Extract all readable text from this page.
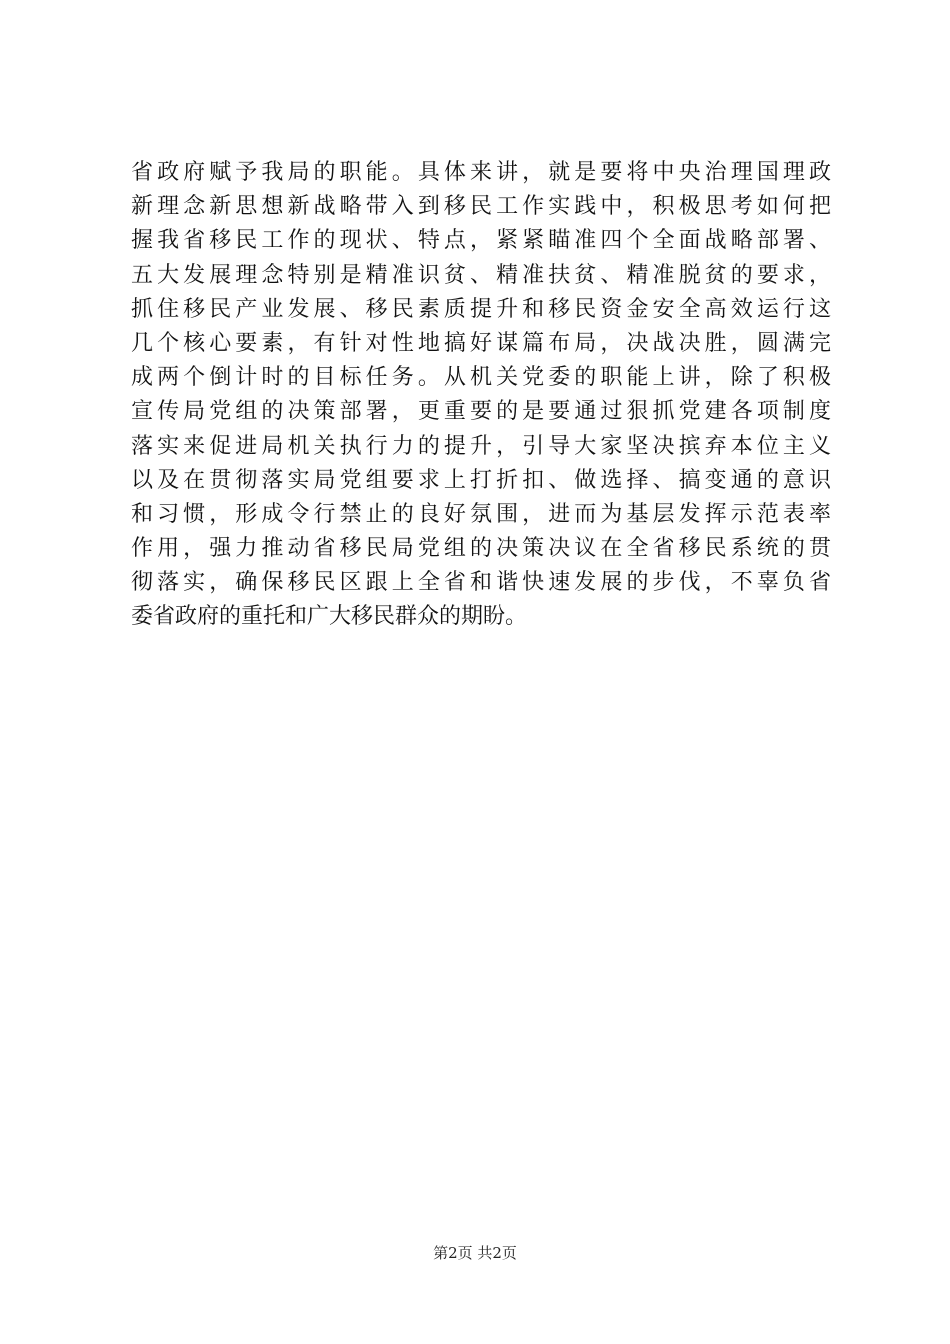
省政府赋予我局的职能。具体来讲，就是要将中央治理国理政
新理念新思想新战略带入到移民工作实践中，积极思考如何把
握我省移民工作的现状、特点，紧紧瞄准四个全面战略部署、
五大发展理念特别是精准识贫、精准扶贫、精准脱贫的要求，
抓住移民产业发展、移民素质提升和移民资金安全高效运行这
几个核心要素，有针对性地搞好谋篇布局，决战决胜，圆满完
成两个倒计时的目标任务。从机关党委的职能上讲，除了积极
宣传局党组的决策部署，更重要的是要通过狠抓党建各项制度
落实来促进局机关执行力的提升，引导大家坚决摈弃本位主义
以及在贯彻落实局党组要求上打折扣、做选择、搞变通的意识
和习惯，形成令行禁止的良好氛围，进而为基层发挥示范表率
作用，强力推动省移民局党组的决策决议在全省移民系统的贯
彻落实，确保移民区跟上全省和谐快速发展的步伐，不辜负省
委省政府的重托和广大移民群众的期盼。
第2页 共2页
